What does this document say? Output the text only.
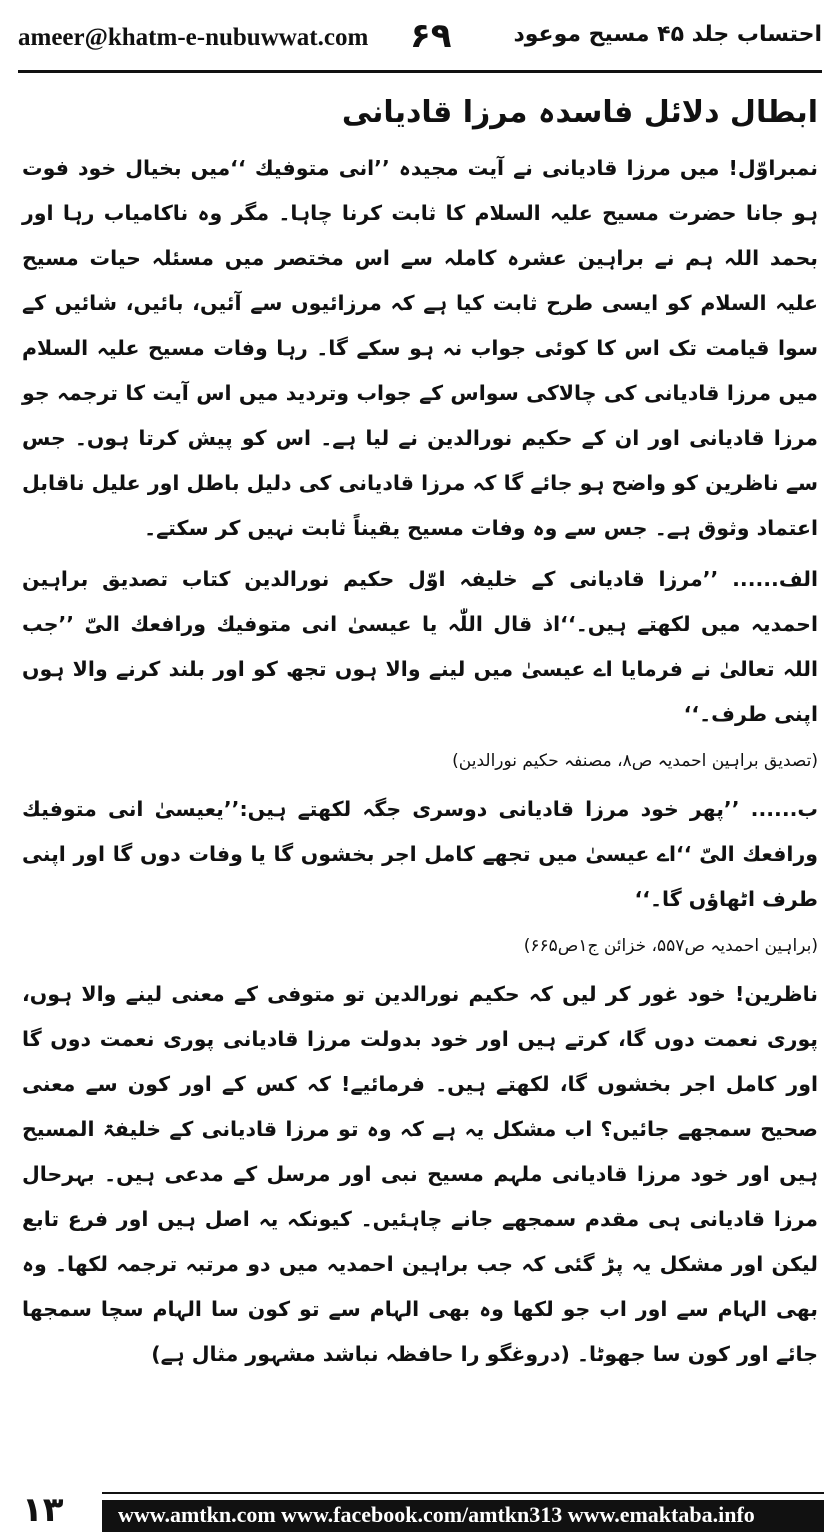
ameer@khatm-e-nubuwwat.com ۶۹	احتساب جلد ۴۵ مسیح موعود
ابطال دلائل فاسدہ مرزا قادیانی

نمبراوّل! میں مرزا قادیانی نے آیت مجیدہ ’’انی متوفیك ‘‘میں بخیال خود فوت ہو جانا حضرت مسیح علیہ السلام کا ثابت کرنا چاہا۔ مگر وہ ناکامیاب رہا اور بحمد اللہ ہم نے براہین عشرہ کاملہ سے اس مختصر میں مسئلہ حیات مسیح علیہ السلام کو ایسی طرح ثابت کیا ہے کہ مرزائیوں سے آئیں، بائیں، شائیں کے سوا قیامت تک اس کا کوئی جواب نہ ہو سکے گا۔ رہا وفات مسیح علیہ السلام میں مرزا قادیانی کی چالاکی سواس کے جواب وتردید میں اس آیت کا ترجمہ جو مرزا قادیانی اور ان کے حکیم نورالدین نے لیا ہے۔ اس کو پیش کرتا ہوں۔ جس سے ناظرین کو واضح ہو جائے گا کہ مرزا قادیانی کی دلیل باطل اور علیل ناقابل اعتماد وثوق ہے۔ جس سے وہ وفات مسیح یقیناً ثابت نہیں کر سکتے۔

الف...... ’’مرزا قادیانی کے خلیفہ اوّل حکیم نورالدین کتاب تصدیق براہین احمدیہ میں لکھتے ہیں۔‘‘اذ قال اللّٰہ یا عیسیٰ انی متوفیك ورافعك الیّ ’’جب اللہ تعالیٰ نے فرمایا اے عیسیٰ میں لینے والا ہوں تجھ کو اور بلند کرنے والا ہوں اپنی طرف۔‘‘

(تصدیق براہین احمدیہ ص۸، مصنفہ حکیم نورالدین)

ب...... ’’پھر خود مرزا قادیانی دوسری جگہ لکھتے ہیں:’’یعیسیٰ انی متوفیك ورافعك الیّ ‘‘اے عیسیٰ میں تجھے کامل اجر بخشوں گا یا وفات دوں گا اور اپنی طرف اٹھاؤں گا۔‘‘

(براہین احمدیہ ص۵۵۷، خزائن ج۱ص۶۶۵)

ناظرین! خود غور کر لیں کہ حکیم نورالدین تو متوفی کے معنی لینے والا ہوں، پوری نعمت دوں گا، کرتے ہیں اور خود بدولت مرزا قادیانی پوری نعمت دوں گا اور کامل اجر بخشوں گا، لکھتے ہیں۔ فرمائیے! کہ کس کے اور کون سے معنی صحیح سمجھے جائیں؟ اب مشکل یہ ہے کہ وہ تو مرزا قادیانی کے خلیفۃ المسیح ہیں اور خود مرزا قادیانی ملہم مسیح نبی اور مرسل کے مدعی ہیں۔ بہرحال مرزا قادیانی ہی مقدم سمجھے جانے چاہئیں۔ کیونکہ یہ اصل ہیں اور فرع تابع لیکن اور مشکل یہ پڑ گئی کہ جب براہین احمدیہ میں دو مرتبہ ترجمہ لکھا۔ وہ بھی الہام سے اور اب جو لکھا وہ بھی الہام سے تو کون سا الہام سچا سمجھا جائے اور کون سا جھوٹا۔ (دروغگو را حافظہ نباشد مشہور مثال ہے)

۱۳ www.amtkn.com www.facebook.com/amtkn313 www.emaktaba.info
